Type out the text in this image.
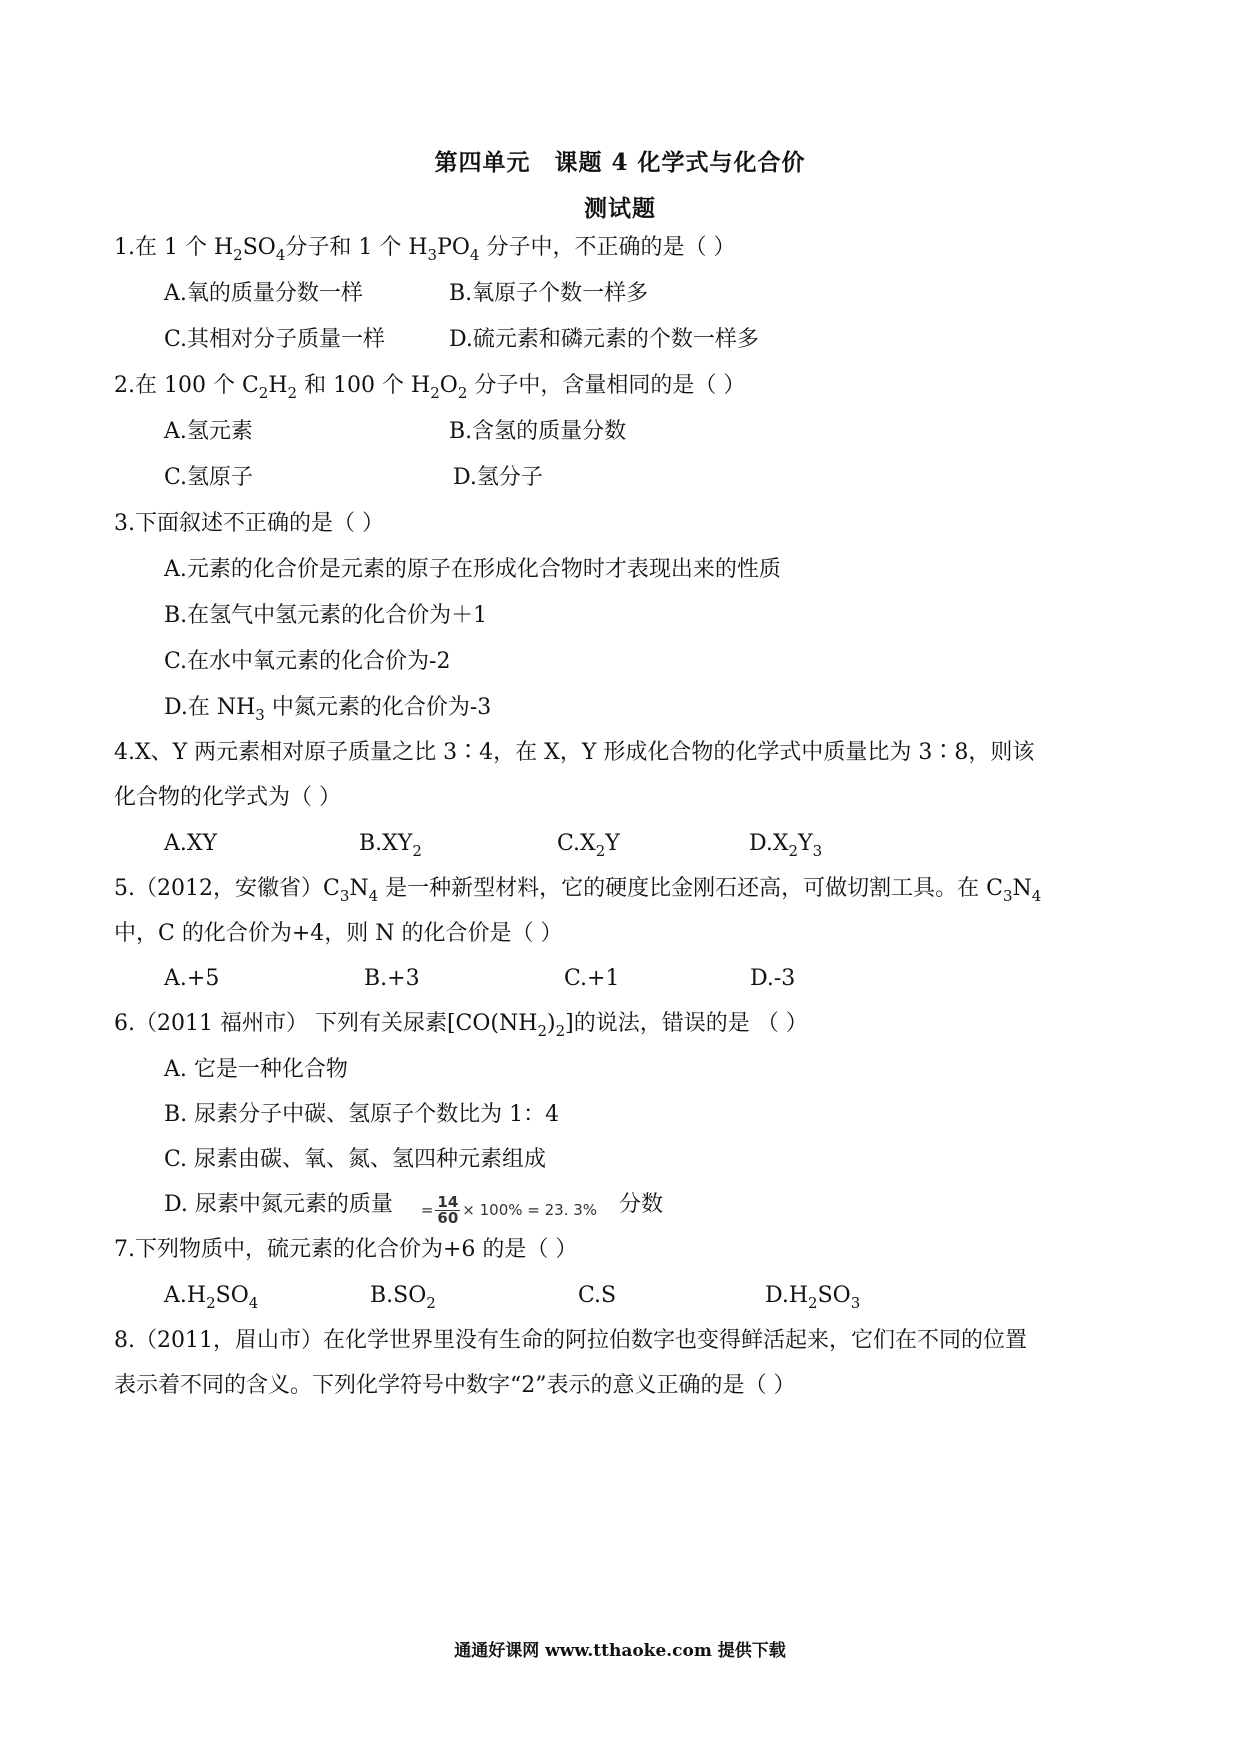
第四单元　课题 4 化学式与化合价
测试题
1.在 1 个 $H_2SO_4$分子和 1 个 $H_3PO_4$ 分子中，不正确的是（ ）
A.氧的质量分数一样	B.氧原子个数一样多
C.其相对分子质量一样	D.硫元素和磷元素的个数一样多
2.在 100 个 $C_2H_2$ 和 100 个 $H_2O_2$ 分子中，含量相同的是（ ）
A.氢元素	B.含氢的质量分数
C.氢原子	D.氢分子
3.下面叙述不正确的是（ ）
A.元素的化合价是元素的原子在形成化合物时才表现出来的性质
B.在氢气中氢元素的化合价为＋1
C.在水中氧元素的化合价为-2
D.在 $NH_3$ 中氮元素的化合价为-3
4.X、Y 两元素相对原子质量之比 3∶4，在 X，Y 形成化合物的化学式中质量比为 3∶8，则该
化合物的化学式为（ ）
A.XY	$B.XY_2$	$C.X_2Y$	$D.X_2Y_3$
5.（2012，安徽省）$C_3N_4$ 是一种新型材料，它的硬度比金刚石还高，可做切割工具。在 $C_3N_4$
中，C 的化合价为+4，则 N 的化合价是（ ）
A.+5	B.+3	C.+1	D.-3
6.（2011 福州市） 下列有关尿素$[CO(NH_2)_2]$的说法，错误的是 （ ）
A. 它是一种化合物
B. 尿素分子中碳、氢原子个数比为 1：4
C. 尿素由碳、氧、氮、氢四种元素组成
D. 尿素中氮元素的质量 = $\frac{14}{60} \times 100\% = 23$. 3% 分数
7.下列物质中，硫元素的化合价为+6 的是（ ）
$A.H_2SO_4$	$B.SO_2$	C.S	$D.H_2SO_3$
8.（2011，眉山市）在化学世界里没有生命的阿拉伯数字也变得鲜活起来，它们在不同的位置
表示着不同的含义。下列化学符号中数字“2”表示的意义正确的是（ ）
通通好课网 www.tthaoke.com 提供下载
